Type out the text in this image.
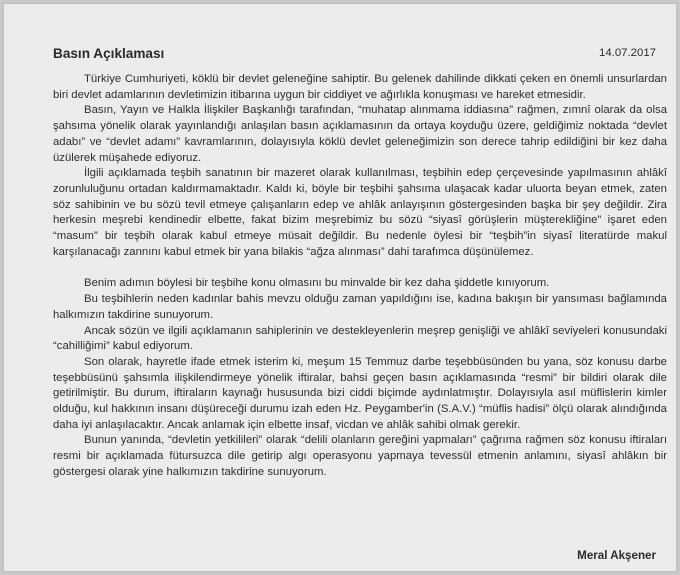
Basın Açıklaması	14.07.2017

Türkiye Cumhuriyeti, köklü bir devlet geleneğine sahiptir. Bu gelenek dahilinde dikkati çeken en önemli unsurlardan biri devlet adamlarının devletimizin itibarına uygun bir ciddiyet ve ağırlıkla konuşması ve hareket etmesidir.

Basın, Yayın ve Halkla İlişkiler Başkanlığı tarafından, “muhatap alınmama iddiasına” rağmen, zımnî olarak da olsa şahsıma yönelik olarak yayınlandığı anlaşılan basın açıklamasının da ortaya koyduğu üzere, geldiğimiz noktada “devlet adabı” ve “devlet adamı” kavramlarının, dolayısıyla köklü devlet geleneğimizin son derece tahrip edildiğini bir kez daha üzülerek müşahede ediyoruz.

İlgili açıklamada teşbih sanatının bir mazeret olarak kullanılması, teşbihin edep çerçevesinde yapılmasının ahlâkî zorunluluğunu ortadan kaldırmamaktadır. Kaldı ki, böyle bir teşbihi şahsıma ulaşacak kadar uluorta beyan etmek, zaten söz sahibinin ve bu sözü tevil etmeye çalışanların edep ve ahlâk anlayışının göstergesinden başka bir şey değildir. Zira herkesin meşrebi kendinedir elbette, fakat bizim meşrebimiz bu sözü “siyasî görüşlerin müşterekliğine” işaret eden “masum” bir teşbih olarak kabul etmeye müsait değildir. Bu nedenle öylesi bir “teşbih”in siyasî literatürde makul karşılanacağı zannını kabul etmek bir yana bilakis “ağza alınması” dahi tarafımca düşünülemez.

Benim adımın böylesi bir teşbihe konu olmasını bu minvalde bir kez daha şiddetle kınıyorum.

Bu teşbihlerin neden kadınlar bahis mevzu olduğu zaman yapıldığını ise, kadına bakışın bir yansıması bağlamında halkımızın takdirine sunuyorum.

Ancak sözün ve ilgili açıklamanın sahiplerinin ve destekleyenlerin meşrep genişliği ve ahlâkî seviyeleri konusundaki “cahilliğimi” kabul ediyorum.

Son olarak, hayretle ifade etmek isterim ki, meşum 15 Temmuz darbe teşebbüsünden bu yana, söz konusu darbe teşebbüsünü şahsımla ilişkilendirmeye yönelik iftiralar, bahsi geçen basın açıklamasında “resmi” bir bildiri olarak dile getirilmiştir. Bu durum, iftiraların kaynağı hususunda bizi ciddi biçimde aydınlatmıştır. Dolayısıyla asıl müflislerin kimler olduğu, kul hakkının insanı düşüreceği durumu izah eden Hz. Peygamber'in (S.A.V.) “müflis hadisi” ölçü olarak alındığında daha iyi anlaşılacaktır. Ancak anlamak için elbette insaf, vicdan ve ahlâk sahibi olmak gerekir.

Bunun yanında, “devletin yetkilileri” olarak “delili olanların gereğini yapmaları” çağrıma rağmen söz konusu iftiraları resmi bir açıklamada fütursuzca dile getirip algı operasyonu yapmaya tevessül etmenin anlamını, siyasî ahlâkın bir göstergesi olarak yine halkımızın takdirine sunuyorum.

Meral Akşener
